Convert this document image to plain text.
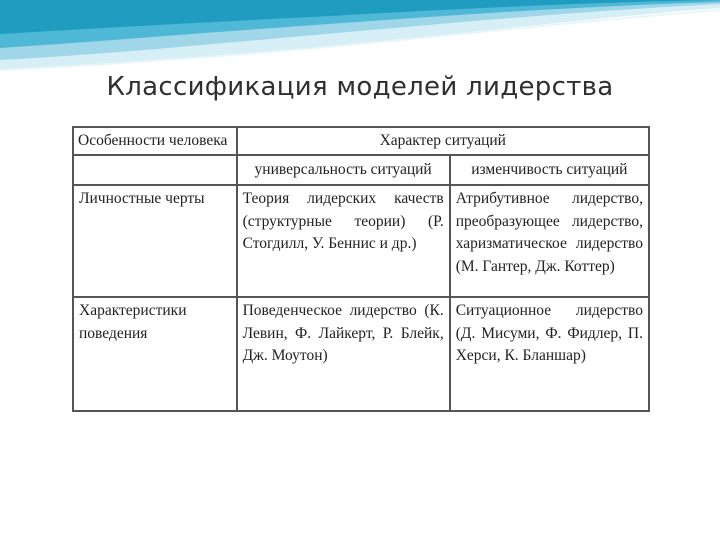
Классификация моделей лидерства
Особенности человека	Характер ситуаций	
	универсальность ситуаций	изменчивость ситуаций
Личностные черты	Теория лидерских качеств (структурные теории) (Р. Стогдилл, У. Беннис и др.)	Атрибутивное лидерство, преобразующее лидерство, харизматическое лидерство (М. Гантер, Дж. Коттер)
Характеристики поведения	Поведенческое лидерство (К. Левин, Ф. Лайкерт, Р. Блейк, Дж. Моутон)	Ситуационное лидерство (Д. Мисуми, Ф. Фидлер, П. Херси, К. Бланшар)
